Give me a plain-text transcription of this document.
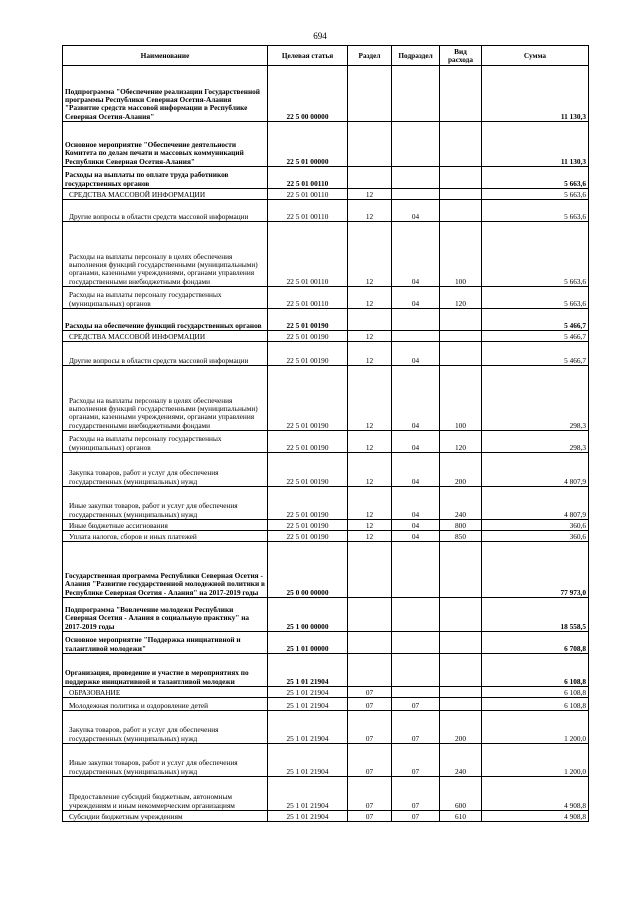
694
Наименование	Целевая статья	Раздел	Подраздел	Вид расхода	Сумма
Подпрограмма "Обеспечение реализации Государственной программы Республики Северная Осетия-Алания "Развитие средств массовой информации в Республике Северная Осетия-Алания"	22 5 00 00000				11 130,3
Основное мероприятие "Обеспечение деятельности Комитета по делам печати и массовых коммуникаций Республики Северная Осетия-Алания"	22 5 01 00000				11 130,3
Расходы на выплаты по оплате труда работников государственных органов	22 5 01 00110				5 663,6
СРЕДСТВА МАССОВОЙ ИНФОРМАЦИИ	22 5 01 00110	12			5 663,6
Другие вопросы в области средств массовой информации	22 5 01 00110	12	04		5 663,6
Расходы на выплаты персоналу в целях обеспечения выполнения функций государственными (муниципальными) органами, казенными учреждениями, органами управления государственными внебюджетными фондами	22 5 01 00110	12	04	100	5 663,6
Расходы на выплаты персоналу государственных (муниципальных) органов	22 5 01 00110	12	04	120	5 663,6
Расходы на обеспечение функций государственных органов	22 5 01 00190				5 466,7
СРЕДСТВА МАССОВОЙ ИНФОРМАЦИИ	22 5 01 00190	12			5 466,7
Другие вопросы в области средств массовой информации	22 5 01 00190	12	04		5 466,7
Расходы на выплаты персоналу в целях обеспечения выполнения функций государственными (муниципальными) органами, казенными учреждениями, органами управления государственными внебюджетными фондами	22 5 01 00190	12	04	100	298,3
Расходы на выплаты персоналу государственных (муниципальных) органов	22 5 01 00190	12	04	120	298,3
Закупка товаров, работ и услуг для обеспечения государственных (муниципальных) нужд	22 5 01 00190	12	04	200	4 807,9
Иные закупки товаров, работ и услуг для обеспечения государственных (муниципальных) нужд	22 5 01 00190	12	04	240	4 807,9
Иные бюджетные ассигнования	22 5 01 00190	12	04	800	360,6
Уплата налогов, сборов и иных платежей	22 5 01 00190	12	04	850	360,6
Государственная программа Республики Северная Осетия - Алания "Развитие государственной молодежной политики в Республике Северная Осетия - Алания" на 2017-2019 годы	25 0 00 00000				77 973,0
Подпрограмма "Вовлечение молодежи Республики Северная Осетия - Алания в социальную практику" на 2017-2019 годы	25 1 00 00000				18 558,5
Основное мероприятие "Поддержка инициативной и талантливой молодежи"	25 1 01 00000				6 708,8
Организация, проведение и участие в мероприятиях по поддержке инициативной и талантливой молодежи	25 1 01 21904				6 108,8
ОБРАЗОВАНИЕ	25 1 01 21904	07			6 108,8
Молодежная политика и оздоровление детей	25 1 01 21904	07	07		6 108,8
Закупка товаров, работ и услуг для обеспечения государственных (муниципальных) нужд	25 1 01 21904	07	07	200	1 200,0
Иные закупки товаров, работ и услуг для обеспечения государственных (муниципальных) нужд	25 1 01 21904	07	07	240	1 200,0
Предоставление субсидий бюджетным, автономным учреждениям и иным некоммерческим организациям	25 1 01 21904	07	07	600	4 908,8
Субсидии бюджетным учреждениям	25 1 01 21904	07	07	610	4 908,8
